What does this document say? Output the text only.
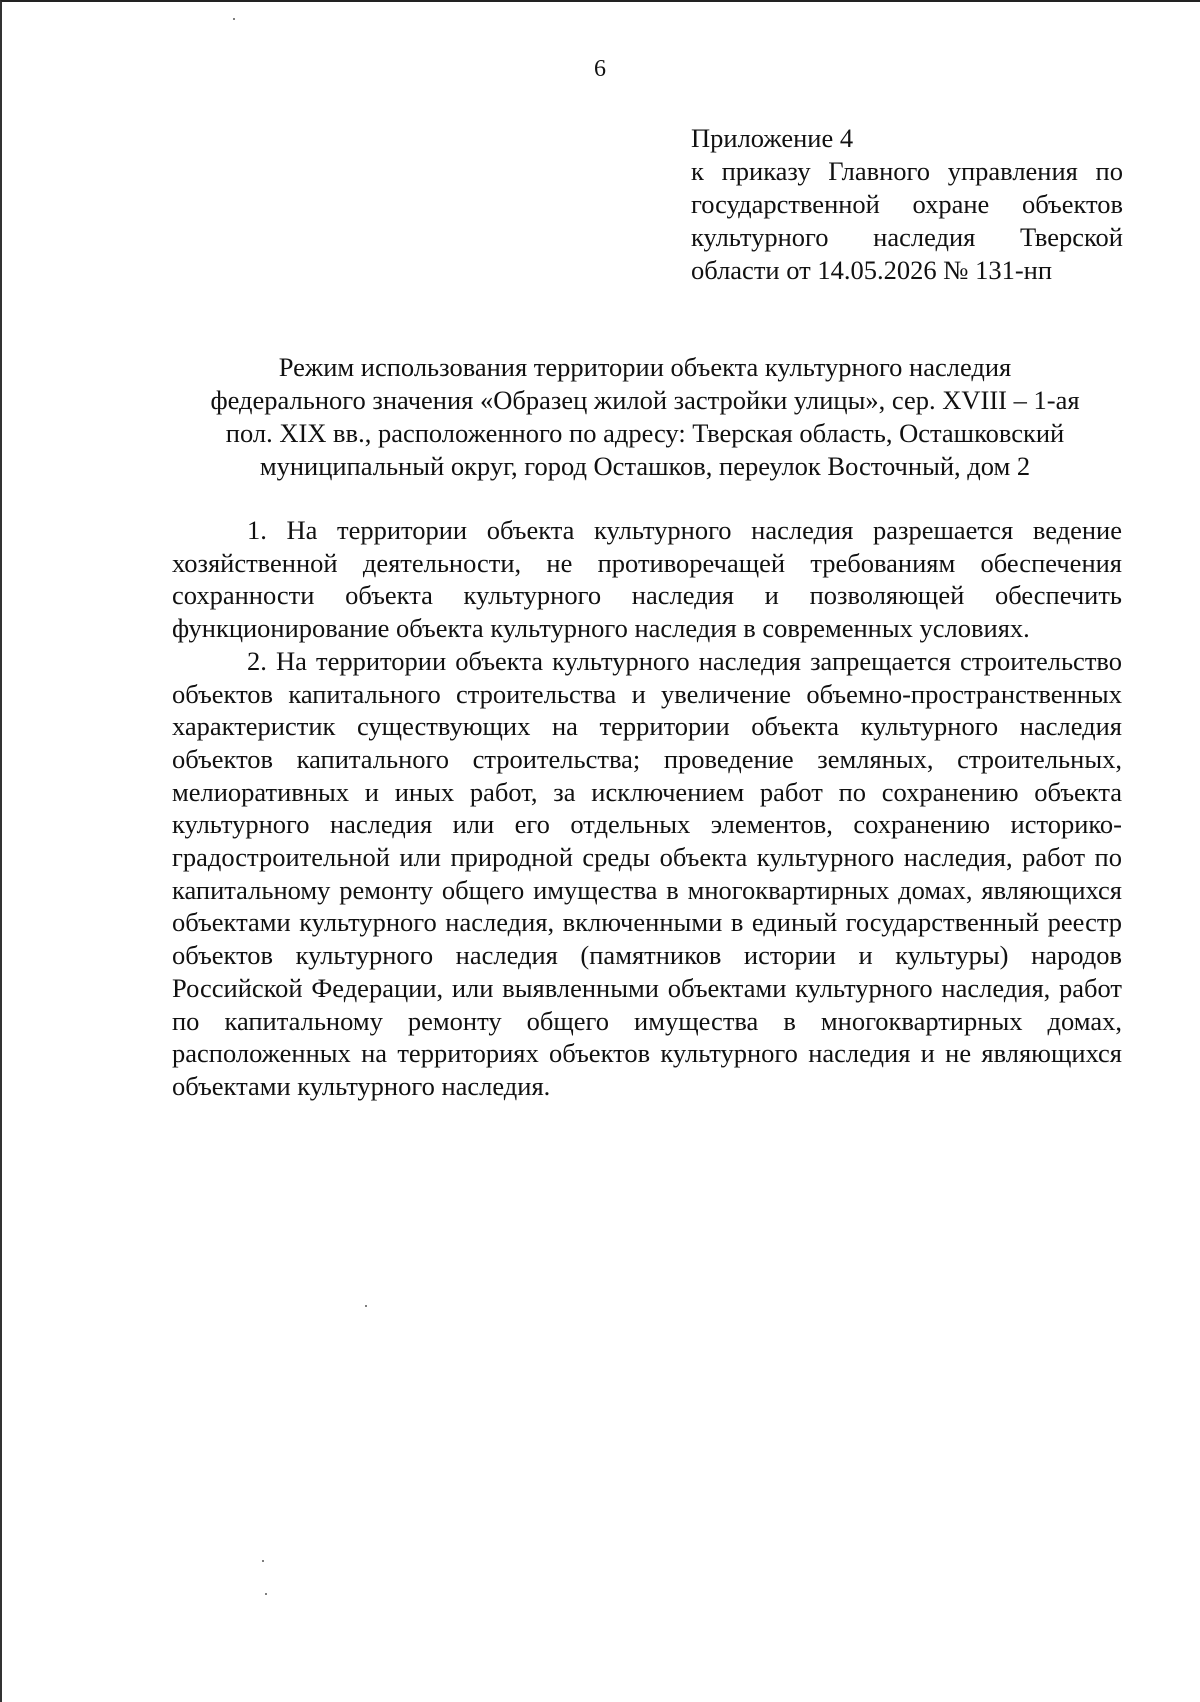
6
Приложение 4
к приказу Главного управления по
государственной охране объектов
культурного наследия Тверской
области от 14.05.2026 № 131-нп
Режим использования территории объекта культурного наследия
федерального значения «Образец жилой застройки улицы», сер. XVIII – 1-ая
пол. XIX вв., расположенного по адресу: Тверская область, Осташковский
муниципальный округ, город Осташков, переулок Восточный, дом 2

1. На территории объекта культурного наследия разрешается ведение хозяйственной деятельности, не противоречащей требованиям обеспечения сохранности объекта культурного наследия и позволяющей обеспечить функционирование объекта культурного наследия в современных условиях.

2. На территории объекта культурного наследия запрещается строительство объектов капитального строительства и увеличение объемно-пространственных характеристик существующих на территории объекта культурного наследия объектов капитального строительства; проведение земляных, строительных, мелиоративных и иных работ, за исключением работ по сохранению объекта культурного наследия или его отдельных элементов, сохранению историко-градостроительной или природной среды объекта культурного наследия, работ по капитальному ремонту общего имущества в многоквартирных домах, являющихся объектами культурного наследия, включенными в единый государственный реестр объектов культурного наследия (памятников истории и культуры) народов Российской Федерации, или выявленными объектами культурного наследия, работ по капитальному ремонту общего имущества в многоквартирных домах, расположенных на территориях объектов культурного наследия и не являющихся объектами культурного наследия.
